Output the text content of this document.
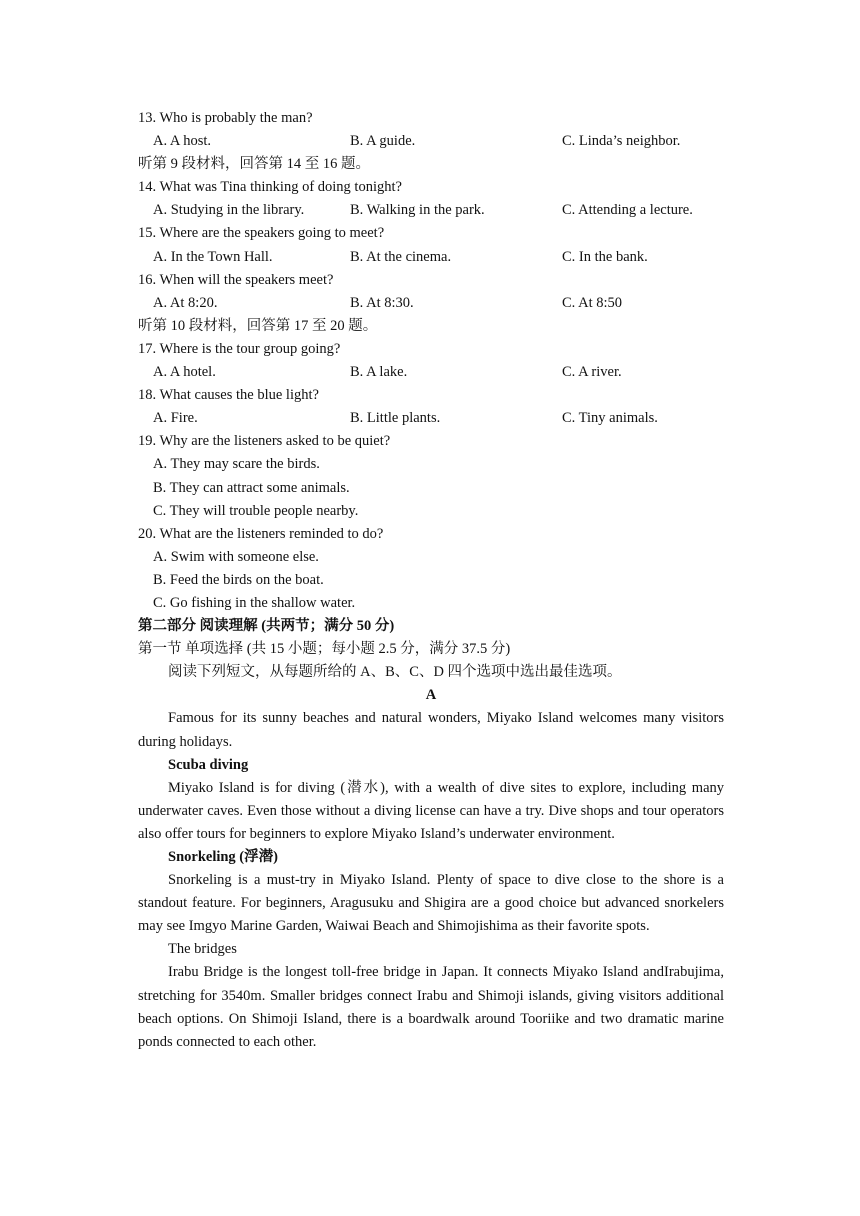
13. Who is probably the man?
A. A host.	B. A guide.	C. Linda’s neighbor.
听第 9 段材料，回答第 14 至 16 题。
14. What was Tina thinking of doing tonight?
A. Studying in the library.	B. Walking in the park.	C. Attending a lecture.
15. Where are the speakers going to meet?
A. In the Town Hall.	B. At the cinema.	C. In the bank.
16. When will the speakers meet?
A. At 8:20.	B. At 8:30.	C. At 8:50
听第 10 段材料，回答第 17 至 20 题。
17. Where is the tour group going?
A. A hotel.	B. A lake.	C. A river.
18. What causes the blue light?
A. Fire.	B. Little plants.	C. Tiny animals.
19. Why are the listeners asked to be quiet?
A. They may scare the birds.
B. They can attract some animals.
C. They will trouble people nearby.
20. What are the listeners reminded to do?
A. Swim with someone else.
B. Feed the birds on the boat.
C. Go fishing in the shallow water.
第二部分 阅读理解 (共两节；满分 50 分)
第一节 单项选择 (共 15 小题；每小题 2.5 分，满分 37.5 分)
阅读下列短文，从每题所给的 A、B、C、D 四个选项中选出最佳选项。
A
Famous for its sunny beaches and natural wonders, Miyako Island welcomes many visitors during holidays.
Scuba diving
Miyako Island is for diving (潜水), with a wealth of dive sites to explore, including many underwater caves. Even those without a diving license can have a try. Dive shops and tour operators also offer tours for beginners to explore Miyako Island’s underwater environment.
Snorkeling (浮潜)
Snorkeling is a must-try in Miyako Island. Plenty of space to dive close to the shore is a standout feature. For beginners, Aragusuku and Shigira are a good choice but advanced snorkelers may see Imgyo Marine Garden, Waiwai Beach and Shimojishima as their favorite spots.
The bridges
Irabu Bridge is the longest toll-free bridge in Japan. It connects Miyako Island andIrabujima, stretching for 3540m. Smaller bridges connect Irabu and Shimoji islands, giving visitors additional beach options. On Shimoji Island, there is a boardwalk around Tooriike and two dramatic marine ponds connected to each other.
